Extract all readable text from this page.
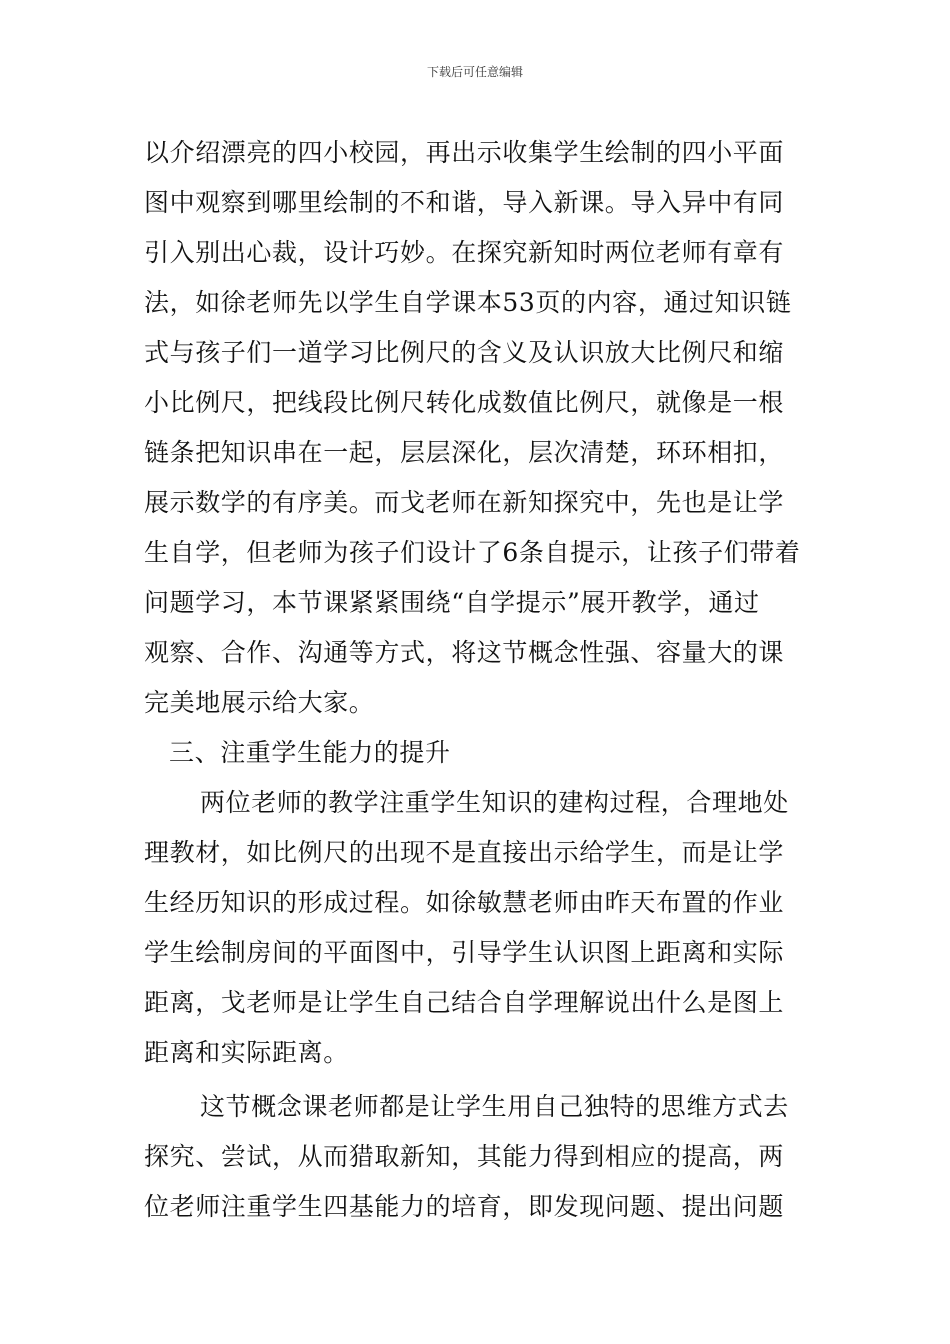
下载后可任意编辑
以介绍漂亮的四小校园，再出示收集学生绘制的四小平面
图中观察到哪里绘制的不和谐，导入新课。导入异中有同
引入别出心裁，设计巧妙。在探究新知时两位老师有章有
法，如徐老师先以学生自学课本53页的内容，通过知识链
式与孩子们一道学习比例尺的含义及认识放大比例尺和缩
小比例尺，把线段比例尺转化成数值比例尺，就像是一根
链条把知识串在一起，层层深化，层次清楚，环环相扣，
展示数学的有序美。而戈老师在新知探究中，先也是让学
生自学，但老师为孩子们设计了6条自提示，让孩子们带着
问题学习，本节课紧紧围绕“自学提示”展开教学，通过
观察、合作、沟通等方式，将这节概念性强、容量大的课
完美地展示给大家。
三、注重学生能力的提升
两位老师的教学注重学生知识的建构过程，合理地处
理教材，如比例尺的出现不是直接出示给学生，而是让学
生经历知识的形成过程。如徐敏慧老师由昨天布置的作业
学生绘制房间的平面图中，引导学生认识图上距离和实际
距离，戈老师是让学生自己结合自学理解说出什么是图上
距离和实际距离。
这节概念课老师都是让学生用自己独特的思维方式去
探究、尝试，从而猎取新知，其能力得到相应的提高，两
位老师注重学生四基能力的培育，即发现问题、提出问题
